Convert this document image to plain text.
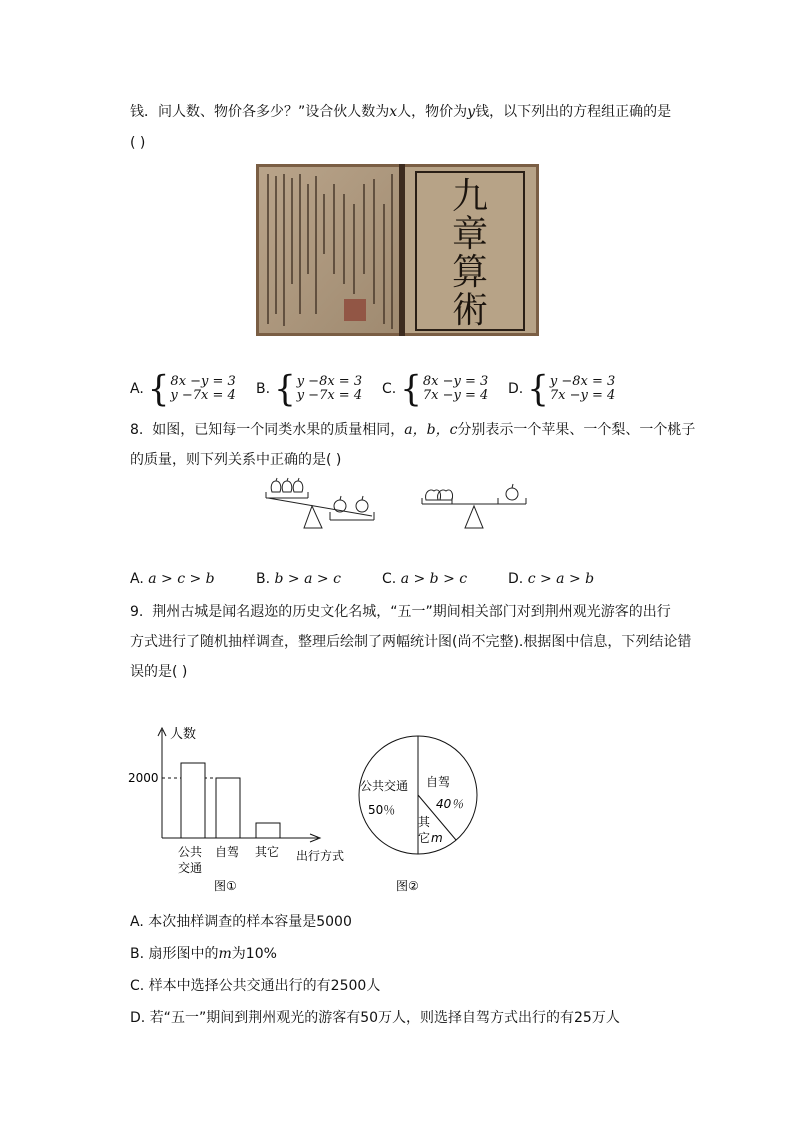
钱．问人数、物价各多少？”设合伙人数为x人，物价为y钱，以下列出的方程组正确的是
( )
九
章
算
術
A. { 8x −y = 3
y −7x = 4 B. { y −8x = 3
y −7x = 4 C. { 8x −y = 3
7x −y = 4 D. { y −8x = 3
7x −y = 4
8. 如图，已知每一个同类水果的质量相同，a，b，c分别表示一个苹果、一个梨、一个桃子
的质量，则下列关系中正确的是( )
A. a > c > b	B. b > a > c	C. a > b > c	D. c > a > b
9. 荆州古城是闻名遐迩的历史文化名城，“五一”期间相关部门对到荆州观光游客的出行
方式进行了随机抽样调查，整理后绘制了两幅统计图(尚不完整).根据图中信息，下列结论错
误的是( )
人数
2000
公共
交通
自驾 其它 出行方式
图①
公共交通
50％
自驾
40％
其
它 m
图②
A. 本次抽样调查的样本容量是5000
B. 扇形图中的m为10%
C. 样本中选择公共交通出行的有2500人
D. 若“五一”期间到荆州观光的游客有50万人，则选择自驾方式出行的有25万人
